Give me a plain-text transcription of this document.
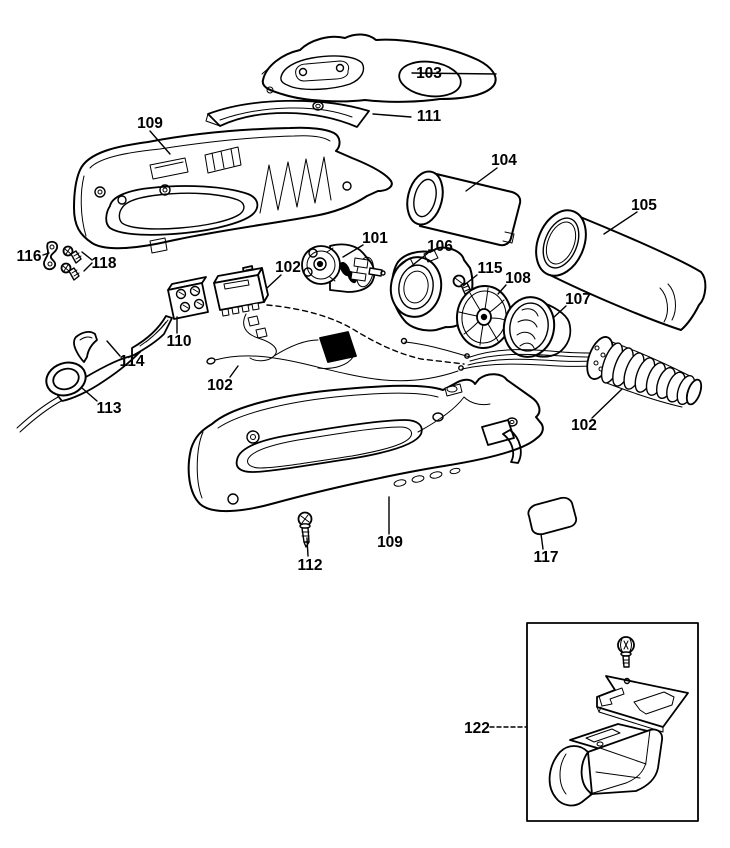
103
111
109
104
105
101	106
115
108
107
116	118	102
110
114
113
102
102
109
112	117
122
